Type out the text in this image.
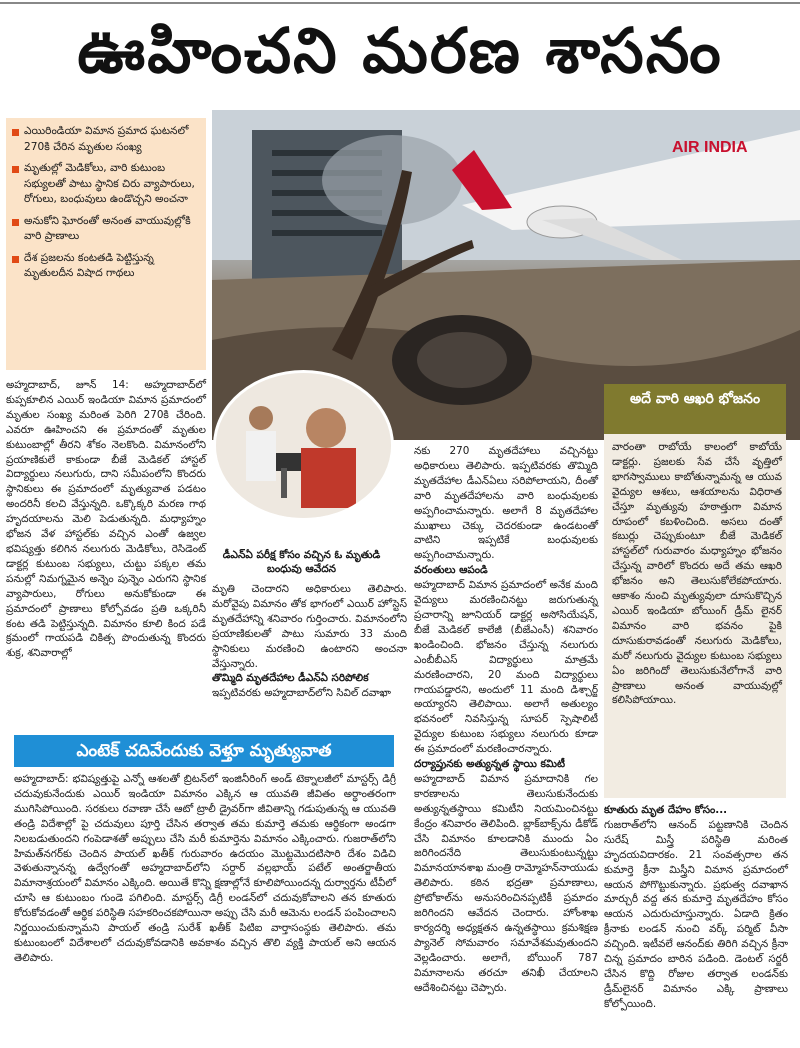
ఊహించని మరణ శాసనం
ఎయిరిండియా విమాన ప్రమాద ఘటనలో 270కి చేరిన మృతుల సంఖ్య
మృతుల్లో మెడికోలు, వారి కుటుంబ సభ్యులతో పాటు స్థానిక చిరు వ్యాపారులు, రోగులు, బంధువులు ఉండొచ్చని అంచనా
అనుకోని ఘోరంతో అనంత వాయువుల్లోకి వారి ప్రాణాలు
దేశ ప్రజలను కంటతడి పెట్టిస్తున్న మృతులదీన విషాద గాథలు
AIR INDIA
డీఎన్‌ఏ పరీక్ష కోసం వచ్చిన ఓ మృతుడి బంధువు ఆవేదన

అహ్మదాబాద్, జూన్ 14: అహ్మదాబాద్‌లో కుప్పకూలిన ఎయిర్ ఇండియా విమాన ప్రమాదంలో మృతుల సంఖ్య మరింత పెరిగి 270కి చేరింది. ఎవరూ ఊహించని ఈ ప్రమాదంతో మృతుల కుటుంబాల్లో తీరని శోకం నెలకొంది. విమానంలోని ప్రయాణికులే కాకుండా బీజే మెడికల్ హాస్టల్ విద్యార్థులు నలుగురు, దాని సమీపంలోని కొందరు స్థానికులు ఈ ప్రమాదంలో మృత్యువాత పడటం అందరినీ కలచి వేస్తున్నది. ఒక్కొక్కరి మరణ గాథ హృదయాలను మెలి పెడుతున్నది. మధ్యాహ్నం భోజన వేళ హాస్టల్‌కు వచ్చిన ఎంతో ఉజ్వల భవిష్యత్తు కలిగిన నలుగురు మెడికోలు, రెసిడెంట్ డాక్టర్ల కుటుంబ సభ్యులు, చుట్టు పక్కల తమ పనుల్లో నిమగ్నమైన అన్నెం పున్నెం ఎరుగని స్థానిక వ్యాపారులు, రోగులు అనుకోకుండా ఈ ప్రమాదంలో ప్రాణాలు కోల్పోవడం ప్రతి ఒక్కరినీ కంట తడి పెట్టిస్తున్నది. విమానం కూలి కింద పడే క్రమంలో గాయపడి చికిత్స పొందుతున్న కొందరు శుక్ర, శనివారాల్లో

మృతి చెందారని అధికారులు తెలిపారు. మరోవైపు విమానం తోక భాగంలో ఎయిర్ హోస్టెస్ మృతదేహాన్ని శనివారం గుర్తించారు. విమానంలోని ప్రయాణికులతో పాటు సుమారు 33 మంది స్థానికులు మరణించి ఉంటారని అంచనా వేస్తున్నారు.

తొమ్మిది మృతదేహాల డీఎన్‌ఏ సరిపోలిక

ఇప్పటివరకు అహ్మదాబాద్‌లోని సివిల్ దవాఖా

నకు 270 మృతదేహాలు వచ్చినట్టు అధికారులు తెలిపారు. ఇప్పటివరకు తొమ్మిది మృతదేహాల డీఎన్‌ఏలు సరిపోలాయని, దీంతో వారి మృతదేహాలను వారి బంధువులకు అప్పగించామన్నారు. అలాగే 8 మృతదేహాల ముఖాలు చెక్కు చెదరకుండా ఉండటంతో వాటిని ఇప్పటికే బంధువులకు అప్పగించామన్నారు.

వరంతులు ఆపండి

అహ్మదాబాద్ విమాన ప్రమాదంలో అనేక మంది వైద్యులు మరణించినట్టు జరుగుతున్న ప్రచారాన్ని జూనియర్ డాక్టర్ల అసోసియేషన్, బీజే మెడికల్ కాలేజీ (బీజేఎంసీ) శనివారం ఖండించింది. భోజనం చేస్తున్న నలుగురు ఎంబీబీఎస్ విద్యార్థులు మాత్రమే మరణించారని, 20 మంది విద్యార్థులు గాయపడ్డారని, అందులో 11 మంది డిశ్చార్జ్ అయ్యారని తెలిపాయి. అలాగే అతుల్యం భవనంలో నివసిస్తున్న సూపర్ స్పెషాలిటీ వైద్యుల కుటుంబ సభ్యులు నలుగురు కూడా ఈ ప్రమాదంలో మరణించారన్నారు.

దర్యాప్తునకు అత్యున్నత స్థాయి కమిటీ

అహ్మదాబాద్ విమాన ప్రమాదానికి గల కారణాలను తెలుసుకునేందుకు అత్యున్నతస్థాయి కమిటీని నియమించినట్టు కేంద్రం శనివారం తెలిపింది. బ్లాక్‌బాక్స్‌ను డీకోడ్ చేసి విమానం కూలడానికి ముందు ఏం జరిగిందనేది తెలుసుకుంటున్నట్టు విమానయానశాఖ మంత్రి రామ్మోహన్‌నాయుడు తెలిపారు. కఠిన భద్రతా ప్రమాణాలు, ప్రోటోకాల్‌ను అనుసరించినప్పటికీ ప్రమాదం జరిగిందని ఆవేదన చెందారు. హోంశాఖ కార్యదర్శి అధ్యక్షతన ఉన్నతస్థాయి క్రమశిక్షణ ప్యానెల్ సోమవారం సమావేశమవుతుందని వెల్లడించారు. అలాగే, బోయింగ్ 787 విమానాలను తరచూ తనిఖీ చేయాలని ఆదేశించినట్టు చెప్పారు.

అదే వారి ఆఖరి భోజనం
వారంతా రాబోయే కాలంలో కాబోయే డాక్టర్లు. ప్రజలకు సేవ చేసే వృత్తిలో భాగస్వాములు కాబోతున్నామన్న ఆ యువ వైద్యుల ఆశలు, ఆశయాలను విధిరాత చేస్తూ మృత్యువు హఠాత్తుగా విమాన రూపంలో కబళించింది. అసలు దంతో కబుర్లు చెప్పుకుంటూ బీజే మెడికల్ హాస్టల్‌లో గురువారం మధ్యాహ్నం భోజనం చేస్తున్న వారిలో కొందరు అదే తమ ఆఖరి భోజనం అని తెలుసుకోలేకపోయారు. ఆకాశం నుంచి మృత్యువులా దూసుకొచ్చిన ఎయిర్ ఇండియా బోయింగ్ డ్రీమ్ లైనర్ విమానం వారి భవనం పైకి దూసుకురావడంతో నలుగురు మెడికోలు, మరో నలుగురు వైద్యుల కుటుంబ సభ్యులు ఏం జరిగిందో తెలుసుకునేలోగానే వారి ప్రాణాలు అనంత వాయువుల్లో కలిసిపోయాయి.
ఎంటెక్ చదివేందుకు వెళ్తూ మృత్యువాత
అహ్మదాబాద్: భవిష్యత్తుపై ఎన్నో ఆశలతో బ్రిటన్‌లో ఇంజినీరింగ్ అండ్ టెక్నాలజీలో మాస్టర్స్ డిగ్రీ చదువుకునేందుకు ఎయిర్ ఇండియా విమానం ఎక్కిన ఆ యువతి జీవితం అర్థాంతరంగా ముగిసిపోయింది. సరకులు రవాణా చేసే ఆటో ట్రాలీ డ్రైవర్‌గా జీవితాన్ని గడుపుతున్న ఆ యువతి తండ్రి విదేశాల్లో పై చదువులు పూర్తి చేసిన తర్వాత తమ కుమార్తె తమకు ఆర్థికంగా అండగా నిలబడుతుందని గంపెడాశతో అప్పులు చేసి మరీ కుమార్తెను విమానం ఎక్కించారు. గుజరాత్‌లోని హిమత్‌నగర్‌కు చెందిన పాయల్ ఖతీక్ గురువారం ఉదయం మొట్టమొదటిసారి దేశం విడిచి వెళుతున్నానన్న ఉద్వేగంతో అహ్మదాబాద్‌లోని సర్దార్ వల్లభాయ్ పటేల్ అంతర్జాతీయ విమానాశ్రయంలో విమానం ఎక్కింది. అయితే కొన్ని క్షణాల్లోనే కూలిపోయిందన్న దుర్వార్తను టీవీలో చూసి ఆ కుటుంబం గుండె పగిలింది. మాస్టర్స్ డిగ్రీ లండన్‌లో చదువుకోవాలని తన కూతురు కోరుకోవడంతో ఆర్థిక పరిస్థితి సహకరించకపోయినా అప్పు చేసి మరీ ఆమెను లండన్ పంపించాలని నిర్ణయించుకున్నామని పాయల్ తండ్రి సురేశ్ ఖతీక్ పిటిఐ వార్తాసంస్థకు తెలిపారు. తమ కుటుంబంలో విదేశాలలో చదువుకోవడానికి అవకాశం వచ్చిన తొలి వ్యక్తి పాయల్ అని ఆయన తెలిపారు.

కూతురు మృత దేహం కోసం...

గుజరాత్‌లోని ఆనంద్ పట్టణానికి చెందిన సురేష్ మిస్త్రీ పరిస్థితి మరింత హృదయవిదారకం. 21 సంవత్సరాల తన కుమార్తె క్రీనా మిస్త్రీని విమాన ప్రమాదంలో ఆయన పోగొట్టుకున్నారు. ప్రభుత్వ దవాఖాన మార్చురీ వద్ద తన కుమార్తె మృతదేహం కోసం ఆయన ఎదురుచూస్తున్నారు. ఏడాది క్రితం క్రీనాకు లండన్ నుంచి వర్క్ పర్మిట్ వీసా వచ్చింది. ఇటీవలే ఆనంద్‌కు తిరిగి వచ్చిన క్రీనా చిన్న ప్రమాదం బారిన పడింది. డెంటల్ సర్జరీ చేసిన కొద్ది రోజుల తర్వాత లండన్‌కు డ్రీమ్‌లైనర్ విమానం ఎక్కి ప్రాణాలు కోల్పోయింది.
